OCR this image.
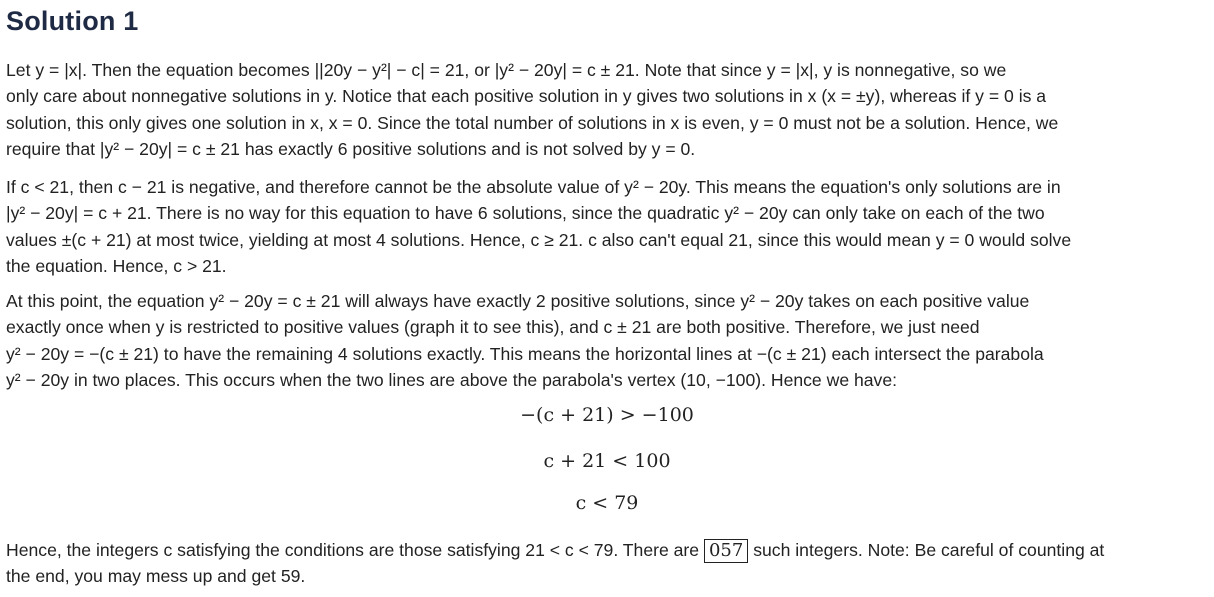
Solution 1
Let y = |x|. Then the equation becomes ||20y − y²| − c| = 21, or |y² − 20y| = c ± 21. Note that since y = |x|, y is nonnegative, so we
only care about nonnegative solutions in y. Notice that each positive solution in y gives two solutions in x (x = ±y), whereas if y = 0 is a
solution, this only gives one solution in x, x = 0. Since the total number of solutions in x is even, y = 0 must not be a solution. Hence, we
require that |y² − 20y| = c ± 21 has exactly 6 positive solutions and is not solved by y = 0.
If c < 21, then c − 21 is negative, and therefore cannot be the absolute value of y² − 20y. This means the equation's only solutions are in
|y² − 20y| = c + 21. There is no way for this equation to have 6 solutions, since the quadratic y² − 20y can only take on each of the two
values ±(c + 21) at most twice, yielding at most 4 solutions. Hence, c ≥ 21. c also can't equal 21, since this would mean y = 0 would solve
the equation. Hence, c > 21.
At this point, the equation y² − 20y = c ± 21 will always have exactly 2 positive solutions, since y² − 20y takes on each positive value
exactly once when y is restricted to positive values (graph it to see this), and c ± 21 are both positive. Therefore, we just need
y² − 20y = −(c ± 21) to have the remaining 4 solutions exactly. This means the horizontal lines at −(c ± 21) each intersect the parabola
y² − 20y in two places. This occurs when the two lines are above the parabola's vertex (10, −100). Hence we have:
−(c + 21) > −100
c + 21 < 100
c < 79
Hence, the integers c satisfying the conditions are those satisfying 21 < c < 79. There are 057 such integers. Note: Be careful of counting at
the end, you may mess up and get 59.
